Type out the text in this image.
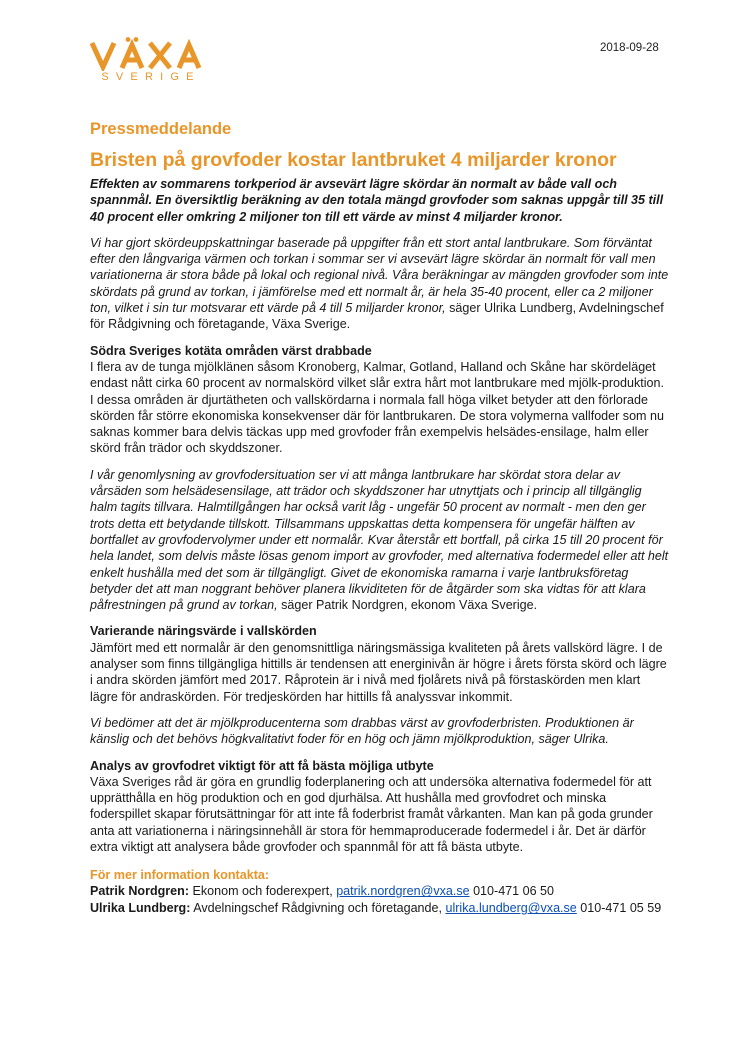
SVERIGE
2018-09-28
Pressmeddelande
Bristen på grovfoder kostar lantbruket 4 miljarder kronor

Effekten av sommarens torkperiod är avsevärt lägre skördar än normalt av både vall och spannmål. En översiktlig beräkning av den totala mängd grovfoder som saknas uppgår till 35 till 40 procent eller omkring 2 miljoner ton till ett värde av minst 4 miljarder kronor.

Vi har gjort skördeuppskattningar baserade på uppgifter från ett stort antal lantbrukare. Som förväntat efter den långvariga värmen och torkan i sommar ser vi avsevärt lägre skördar än normalt för vall men variationerna är stora både på lokal och regional nivå. Våra beräkningar av mängden grovfoder som inte skördats på grund av torkan, i jämförelse med ett normalt år, är hela 35-40 procent, eller ca 2 miljoner ton, vilket i sin tur motsvarar ett värde på 4 till 5 miljarder kronor, säger Ulrika Lundberg, Avdelningschef för Rådgivning och företagande, Växa Sverige.

Södra Sveriges kotäta områden värst drabbade

I flera av de tunga mjölklänen såsom Kronoberg, Kalmar, Gotland, Halland och Skåne har skördeläget endast nått cirka 60 procent av normalskörd vilket slår extra hårt mot lantbrukare med mjölk-produktion. I dessa områden är djurtätheten och vallskördarna i normala fall höga vilket betyder att den förlorade skörden får större ekonomiska konsekvenser där för lantbrukaren. De stora volymerna vallfoder som nu saknas kommer bara delvis täckas upp med grovfoder från exempelvis helsädes-ensilage, halm eller skörd från trädor och skyddszoner.

I vår genomlysning av grovfodersituation ser vi att många lantbrukare har skördat stora delar av vårsäden som helsädesensilage, att trädor och skyddszoner har utnyttjats och i princip all tillgänglig halm tagits tillvara. Halmtillgången har också varit låg - ungefär 50 procent av normalt - men den ger trots detta ett betydande tillskott. Tillsammans uppskattas detta kompensera för ungefär hälften av bortfallet av grovfodervolymer under ett normalår. Kvar återstår ett bortfall, på cirka 15 till 20 procent för hela landet, som delvis måste lösas genom import av grovfoder, med alternativa fodermedel eller att helt enkelt hushålla med det som är tillgängligt. Givet de ekonomiska ramarna i varje lantbruksföretag betyder det att man noggrant behöver planera likviditeten för de åtgärder som ska vidtas för att klara påfrestningen på grund av torkan, säger Patrik Nordgren, ekonom Växa Sverige.

Varierande näringsvärde i vallskörden

Jämfört med ett normalår är den genomsnittliga näringsmässiga kvaliteten på årets vallskörd lägre. I de analyser som finns tillgängliga hittills är tendensen att energinivån är högre i årets första skörd och lägre i andra skörden jämfört med 2017. Råprotein är i nivå med fjolårets nivå på förstaskörden men klart lägre för andraskörden. För tredjeskörden har hittills få analyssvar inkommit.

Vi bedömer att det är mjölkproducenterna som drabbas värst av grovfoderbristen. Produktionen är känslig och det behövs högkvalitativt foder för en hög och jämn mjölkproduktion, säger Ulrika.

Analys av grovfodret viktigt för att få bästa möjliga utbyte

Växa Sveriges råd är göra en grundlig foderplanering och att undersöka alternativa fodermedel för att upprätthålla en hög produktion och en god djurhälsa. Att hushålla med grovfodret och minska foderspillet skapar förutsättningar för att inte få foderbrist framåt vårkanten. Man kan på goda grunder anta att variationerna i näringsinnehåll är stora för hemmaproducerade fodermedel i år. Det är därför extra viktigt att analysera både grovfoder och spannmål för att få bästa utbyte.

För mer information kontakta:
Patrik Nordgren: Ekonom och foderexpert, patrik.nordgren@vxa.se 010-471 06 50
Ulrika Lundberg: Avdelningschef Rådgivning och företagande, ulrika.lundberg@vxa.se 010-471 05 59
